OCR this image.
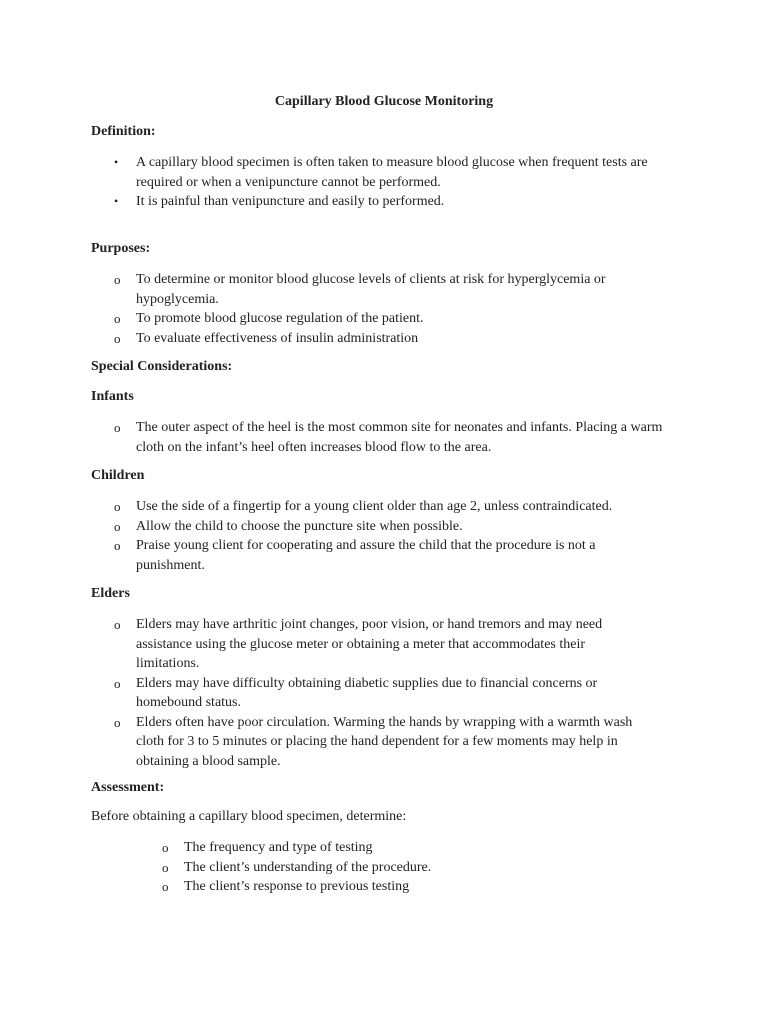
Capillary Blood Glucose Monitoring
Definition:
• A capillary blood specimen is often taken to measure blood glucose when frequent tests are required or when a venipuncture cannot be performed.
• It is painful than venipuncture and easily to performed.
Purposes:
o To determine or monitor blood glucose levels of clients at risk for hyperglycemia or hypoglycemia.
o To promote blood glucose regulation of the patient.
o To evaluate effectiveness of insulin administration
Special Considerations:
Infants
o The outer aspect of the heel is the most common site for neonates and infants. Placing a warm cloth on the infant’s heel often increases blood flow to the area.
Children
o Use the side of a fingertip for a young client older than age 2, unless contraindicated.
o Allow the child to choose the puncture site when possible.
o Praise young client for cooperating and assure the child that the procedure is not a punishment.
Elders
o Elders may have arthritic joint changes, poor vision, or hand tremors and may need assistance using the glucose meter or obtaining a meter that accommodates their limitations.
o Elders may have difficulty obtaining diabetic supplies due to financial concerns or homebound status.
o Elders often have poor circulation. Warming the hands by wrapping with a warmth wash cloth for 3 to 5 minutes or placing the hand dependent for a few moments may help in obtaining a blood sample.
Assessment:
Before obtaining a capillary blood specimen, determine:
o The frequency and type of testing
o The client’s understanding of the procedure.
o The client’s response to previous testing
